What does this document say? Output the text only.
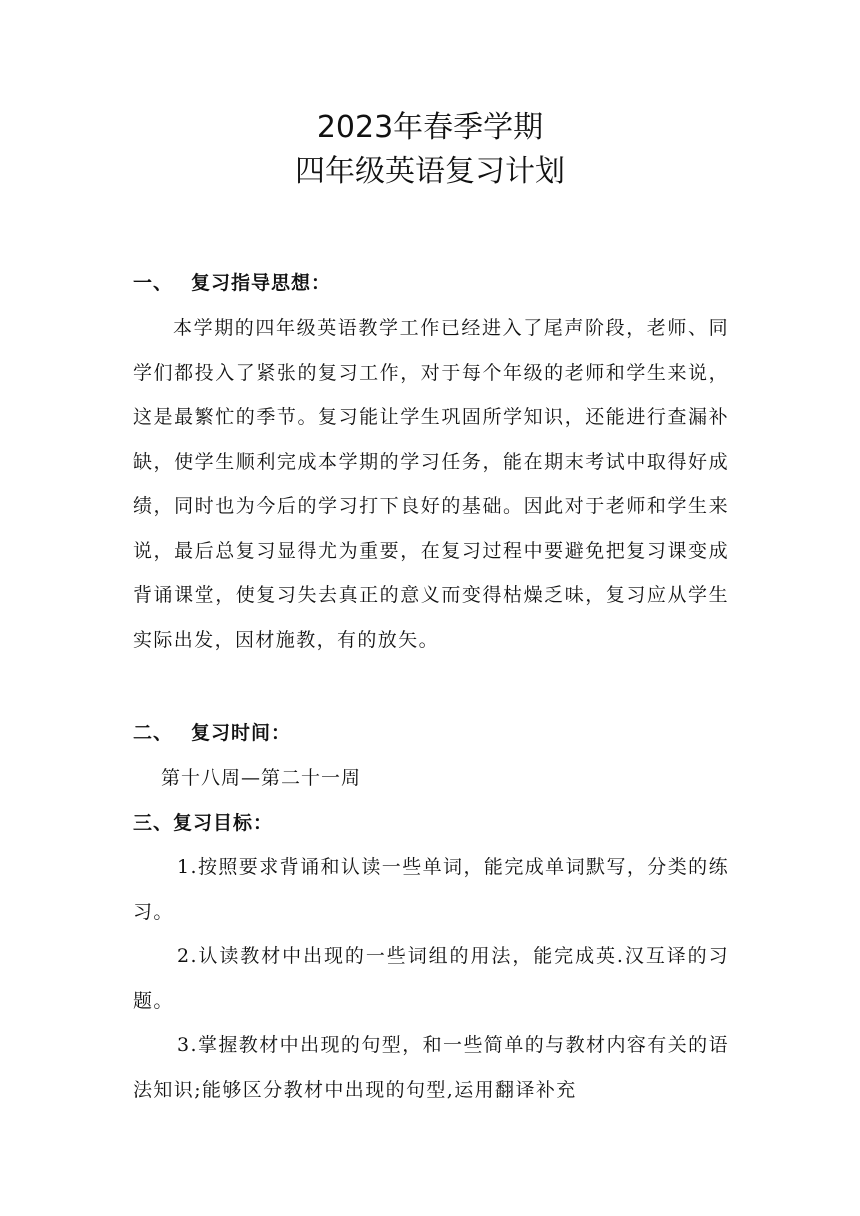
2023年春季学期
四年级英语复习计划
一、 复习指导思想：

本学期的四年级英语教学工作已经进入了尾声阶段，老师、同学们都投入了紧张的复习工作，对于每个年级的老师和学生来说，这是最繁忙的季节。复习能让学生巩固所学知识，还能进行查漏补缺，使学生顺利完成本学期的学习任务，能在期末考试中取得好成绩，同时也为今后的学习打下良好的基础。因此对于老师和学生来说，最后总复习显得尤为重要，在复习过程中要避免把复习课变成背诵课堂，使复习失去真正的意义而变得枯燥乏味，复习应从学生实际出发，因材施教，有的放矢。

二、 复习时间：

第十八周—第二十一周

三、复习目标：

1.按照要求背诵和认读一些单词，能完成单词默写，分类的练习。

2.认读教材中出现的一些词组的用法，能完成英.汉互译的习题。

3.掌握教材中出现的句型，和一些简单的与教材内容有关的语法知识;能够区分教材中出现的句型,运用翻译补充
